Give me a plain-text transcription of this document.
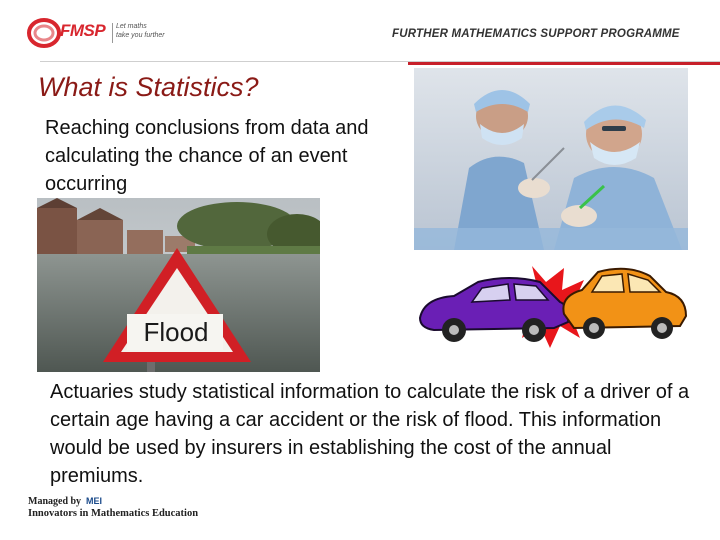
FMSP Let maths
take you further	FURTHER MATHEMATICS SUPPORT PROGRAMME
What is Statistics?
Reaching conclusions from data and calculating the chance of an event occurring
Flood
Actuaries study statistical information to calculate the risk of a driver of a certain age having a car accident or the risk of flood. This information would be used by insurers in establishing the cost of the annual premiums.
Managed by MEI
Innovators in Mathematics Education
